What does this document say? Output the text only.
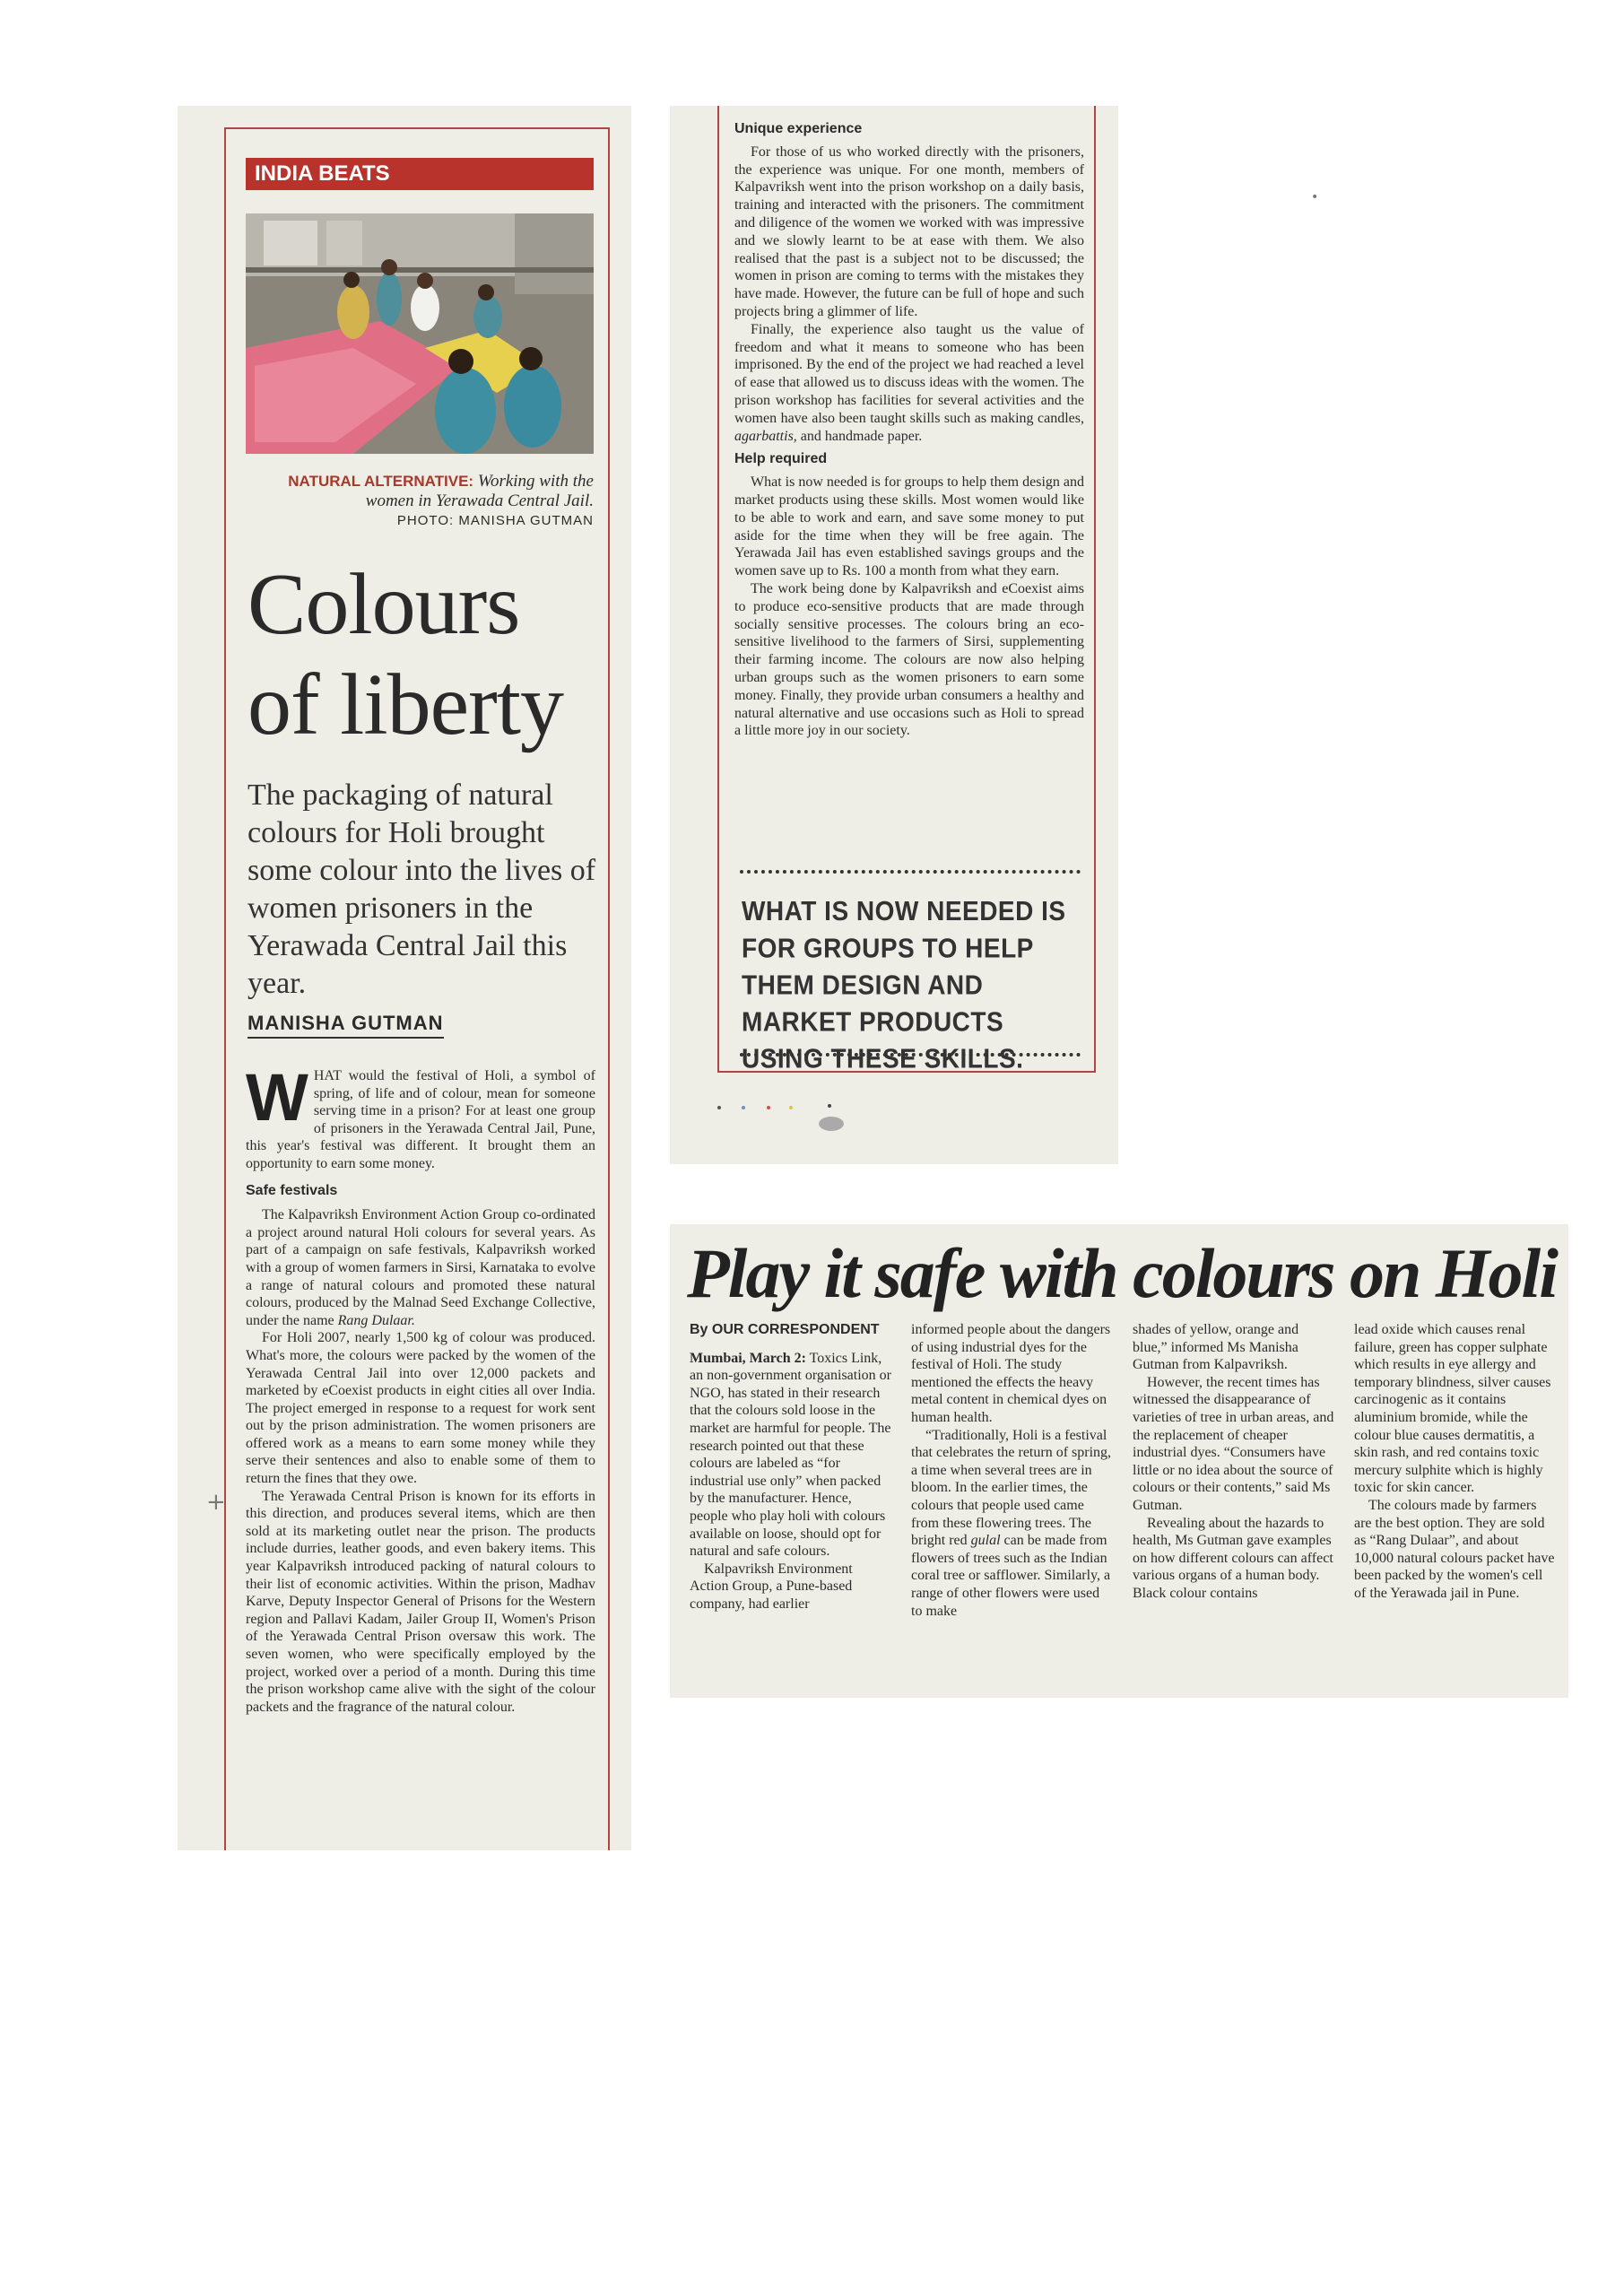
INDIA BEATS
NATURAL ALTERNATIVE: Working with the women in Yerawada Central Jail.
PHOTO: MANISHA GUTMAN
Colours
of liberty
The packaging of natural colours for Holi brought some colour into the lives of women prisoners in the Yerawada Central Jail this year.
MANISHA GUTMAN

WHAT would the festival of Holi, a symbol of spring, of life and of colour, mean for someone serving time in a prison? For at least one group of prisoners in the Yerawada Central Jail, Pune, this year's festival was different. It brought them an opportunity to earn some money.

Safe festivals

The Kalpavriksh Environment Action Group co-ordinated a project around natural Holi colours for several years. As part of a campaign on safe festivals, Kalpavriksh worked with a group of women farmers in Sirsi, Karnataka to evolve a range of natural colours and promoted these natural colours, produced by the Malnad Seed Exchange Collective, under the name Rang Dulaar.

For Holi 2007, nearly 1,500 kg of colour was produced. What's more, the colours were packed by the women of the Yerawada Central Jail into over 12,000 packets and marketed by eCoexist products in eight cities all over India. The project emerged in response to a request for work sent out by the prison administration. The women prisoners are offered work as a means to earn some money while they serve their sentences and also to enable some of them to return the fines that they owe.

The Yerawada Central Prison is known for its efforts in this direction, and produces several items, which are then sold at its marketing outlet near the prison. The products include durries, leather goods, and even bakery items. This year Kalpavriksh introduced packing of natural colours to their list of economic activities. Within the prison, Madhav Karve, Deputy Inspector General of Prisons for the Western region and Pallavi Kadam, Jailer Group II, Women's Prison of the Yerawada Central Prison oversaw this work. The seven women, who were specifically employed by the project, worked over a period of a month. During this time the prison workshop came alive with the sight of the colour packets and the fragrance of the natural colour.

Unique experience

For those of us who worked directly with the prisoners, the experience was unique. For one month, members of Kalpavriksh went into the prison workshop on a daily basis, training and interacted with the prisoners. The commitment and diligence of the women we worked with was impressive and we slowly learnt to be at ease with them. We also realised that the past is a subject not to be discussed; the women in prison are coming to terms with the mistakes they have made. However, the future can be full of hope and such projects bring a glimmer of life.

Finally, the experience also taught us the value of freedom and what it means to someone who has been imprisoned. By the end of the project we had reached a level of ease that allowed us to discuss ideas with the women. The prison workshop has facilities for several activities and the women have also been taught skills such as making candles, agarbattis, and handmade paper.

Help required

What is now needed is for groups to help them design and market products using these skills. Most women would like to be able to work and earn, and save some money to put aside for the time when they will be free again. The Yerawada Jail has even established savings groups and the women save up to Rs. 100 a month from what they earn.

The work being done by Kalpavriksh and eCoexist aims to produce eco-sensitive products that are made through socially sensitive processes. The colours bring an eco-sensitive livelihood to the farmers of Sirsi, supplementing their farming income. The colours are now also helping urban groups such as the women prisoners to earn some money. Finally, they provide urban consumers a healthy and natural alternative and use occasions such as Holi to spread a little more joy in our society.

WHAT IS NOW NEEDED IS FOR GROUPS TO HELP THEM DESIGN AND MARKET PRODUCTS USING THESE SKILLS.
Play it safe with colours on Holi
By OUR CORRESPONDENT

Mumbai, March 2: Toxics Link, an non-government organisation or NGO, has stated in their research that the colours sold loose in the market are harmful for people. The research pointed out that these colours are labeled as “for industrial use only” when packed by the manufacturer. Hence, people who play holi with colours available on loose, should opt for natural and safe colours.

Kalpavriksh Environment Action Group, a Pune-based company, had earlier

informed people about the dangers of using industrial dyes for the festival of Holi. The study mentioned the effects the heavy metal content in chemical dyes on human health.

“Traditionally, Holi is a festival that celebrates the return of spring, a time when several trees are in bloom. In the earlier times, the colours that people used came from these flowering trees. The bright red gulal can be made from flowers of trees such as the Indian coral tree or safflower. Similarly, a range of other flowers were used to make

shades of yellow, orange and blue,” informed Ms Manisha Gutman from Kalpavriksh.

However, the recent times has witnessed the disappearance of varieties of tree in urban areas, and the replacement of cheaper industrial dyes. “Consumers have little or no idea about the source of colours or their contents,” said Ms Gutman.

Revealing about the hazards to health, Ms Gutman gave examples on how different colours can affect various organs of a human body. Black colour contains

lead oxide which causes renal failure, green has copper sulphate which results in eye allergy and temporary blindness, silver causes carcinogenic as it contains aluminium bromide, while the colour blue causes dermatitis, a skin rash, and red contains toxic mercury sulphite which is highly toxic for skin cancer.

The colours made by farmers are the best option. They are sold as “Rang Dulaar”, and about 10,000 natural colours packet have been packed by the women's cell of the Yerawada jail in Pune.

+
•
